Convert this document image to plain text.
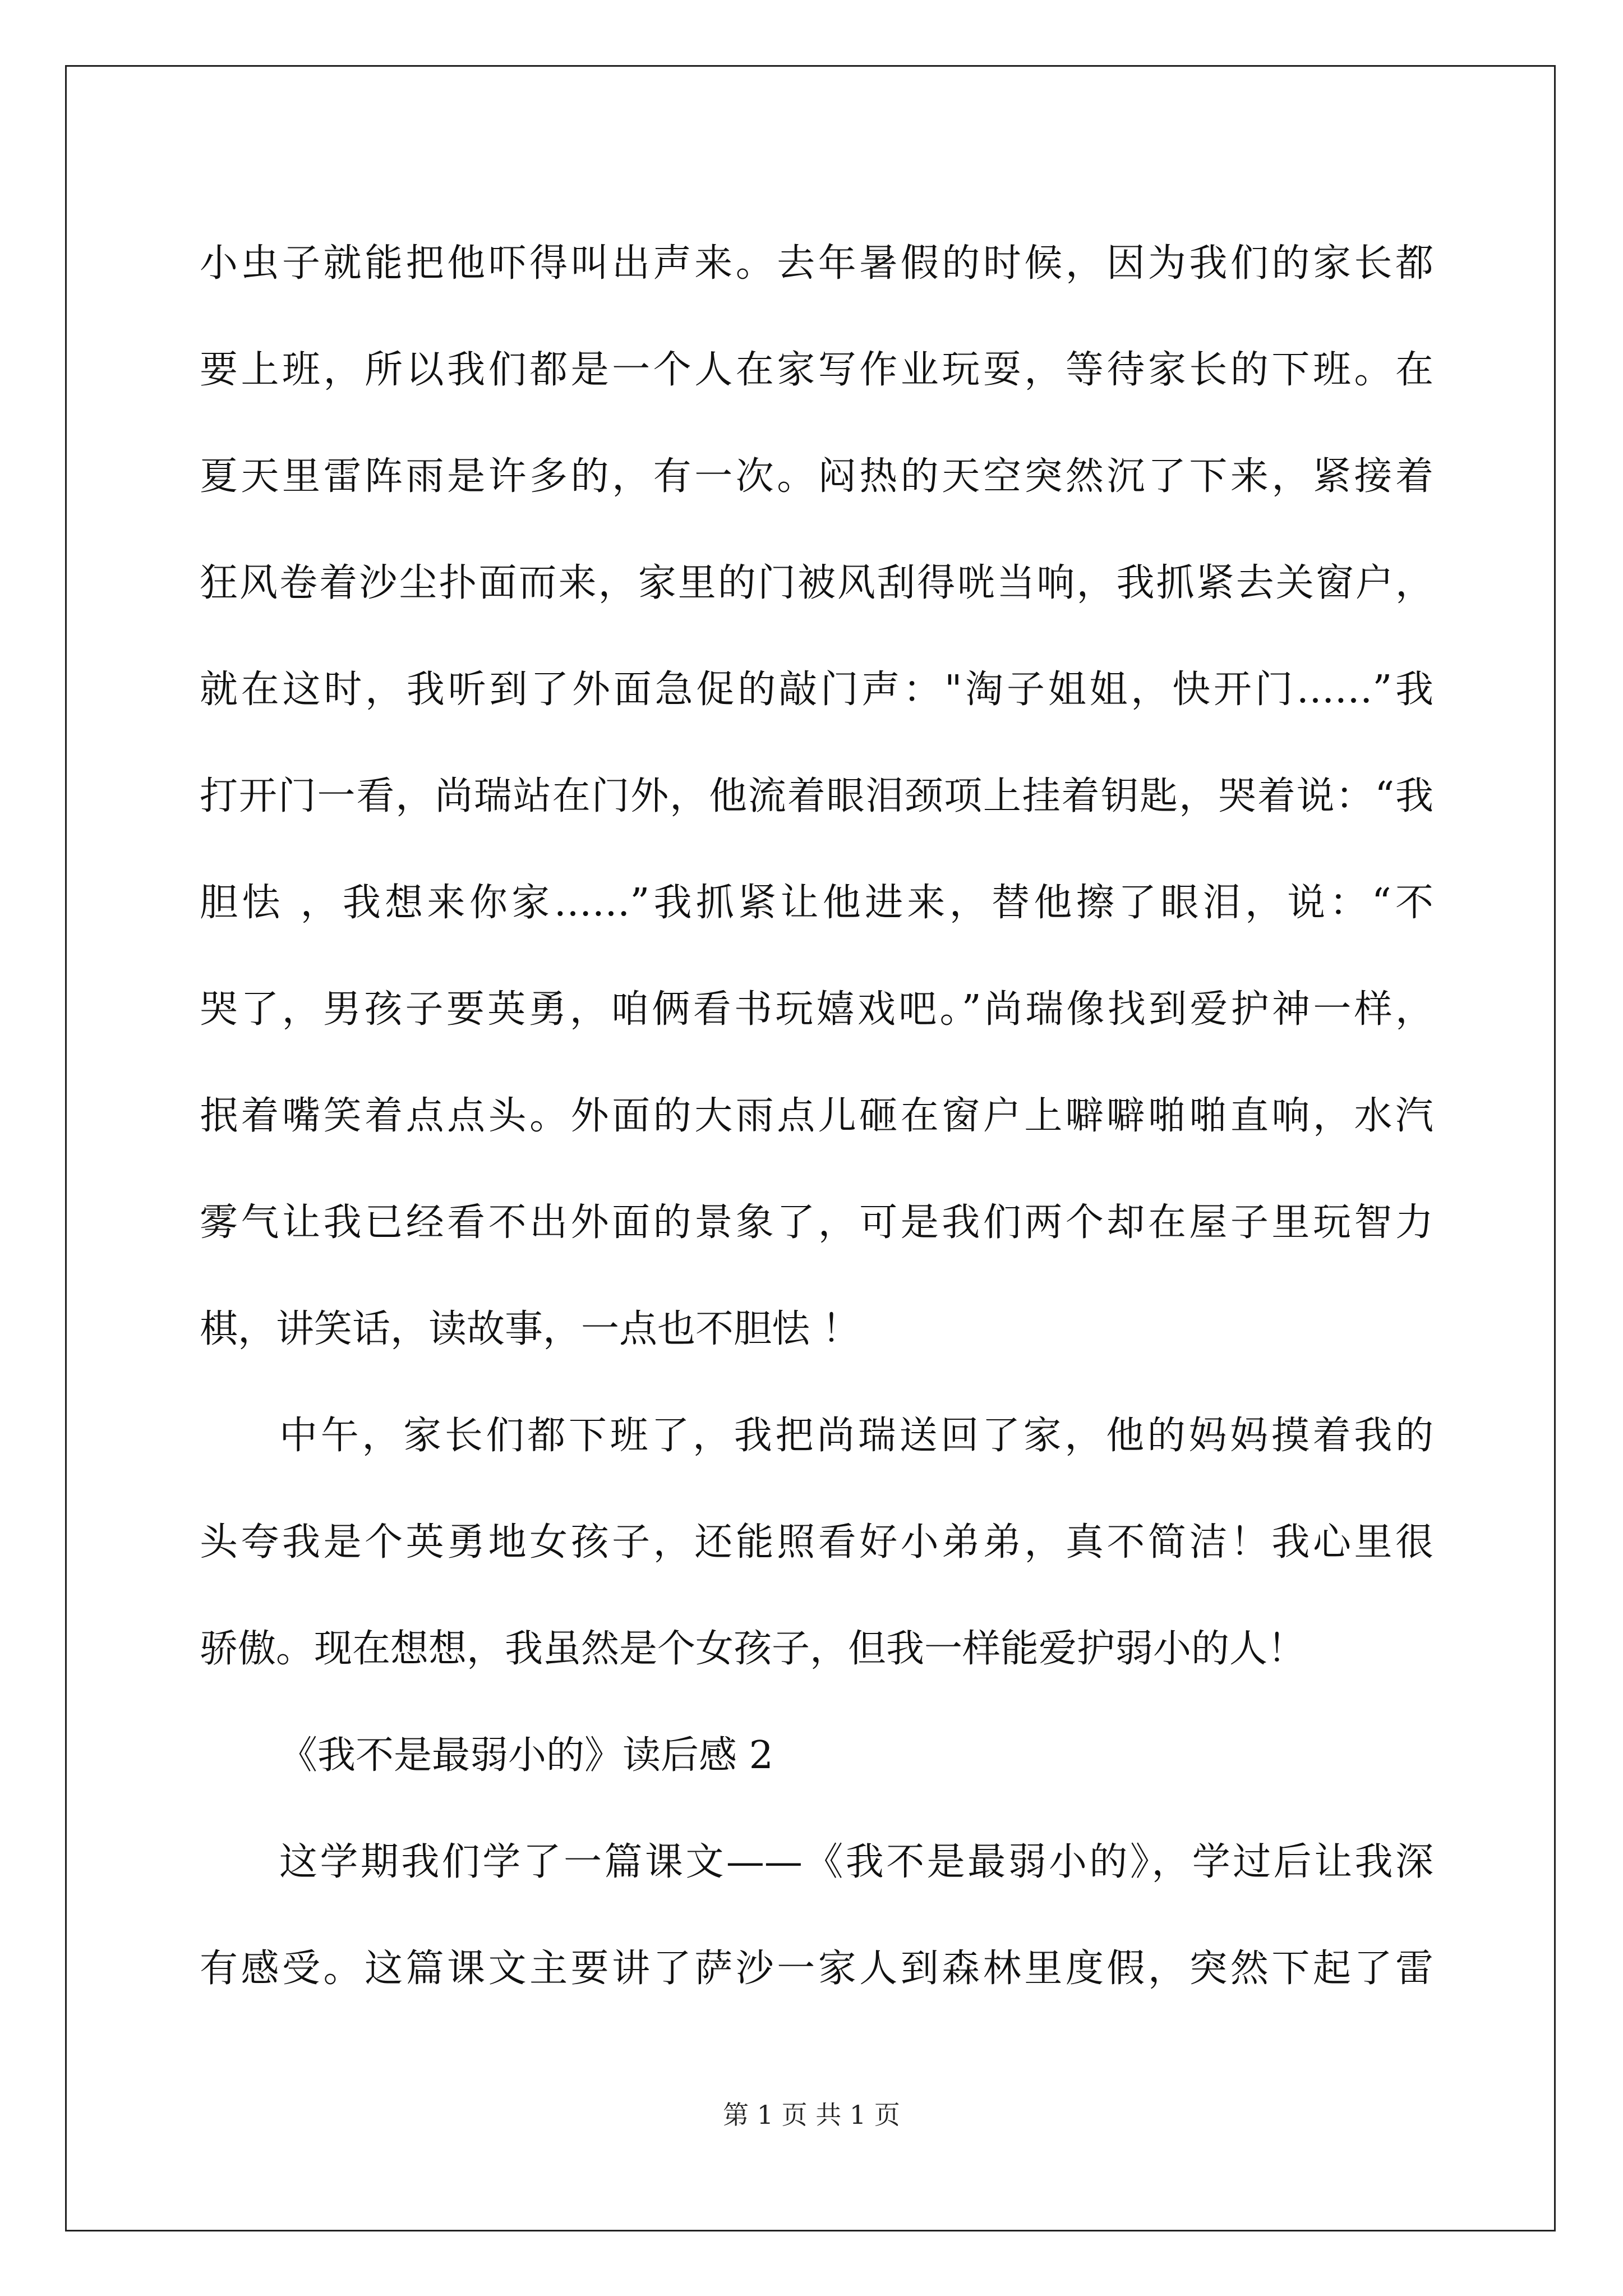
小虫子就能把他吓得叫出声来。去年暑假的时候，因为我们的家长都
要上班，所以我们都是一个人在家写作业玩耍，等待家长的下班。在
夏天里雷阵雨是许多的，有一次。闷热的天空突然沉了下来，紧接着
狂风卷着沙尘扑面而来，家里的门被风刮得咣当响，我抓紧去关窗户，
就在这时，我听到了外面急促的敲门声："淘子姐姐，快开门……”我
打开门一看，尚瑞站在门外，他流着眼泪颈项上挂着钥匙，哭着说：“我
胆怯 ，我想来你家……”我抓紧让他进来，替他擦了眼泪，说：“不
哭了，男孩子要英勇，咱俩看书玩嬉戏吧。”尚瑞像找到爱护神一样，
抿着嘴笑着点点头。外面的大雨点儿砸在窗户上噼噼啪啪直响，水汽
雾气让我已经看不出外面的景象了，可是我们两个却在屋子里玩智力
棋，讲笑话，读故事，一点也不胆怯 ！
中午，家长们都下班了，我把尚瑞送回了家，他的妈妈摸着我的
头夸我是个英勇地女孩子，还能照看好小弟弟，真不简洁！我心里很
骄傲。现在想想，我虽然是个女孩子，但我一样能爱护弱小的人！
《我不是最弱小的》读后感 2
这学期我们学了一篇课文——《我不是最弱小的》，学过后让我深
有感受。这篇课文主要讲了萨沙一家人到森林里度假，突然下起了雷
第 1 页 共 1 页
